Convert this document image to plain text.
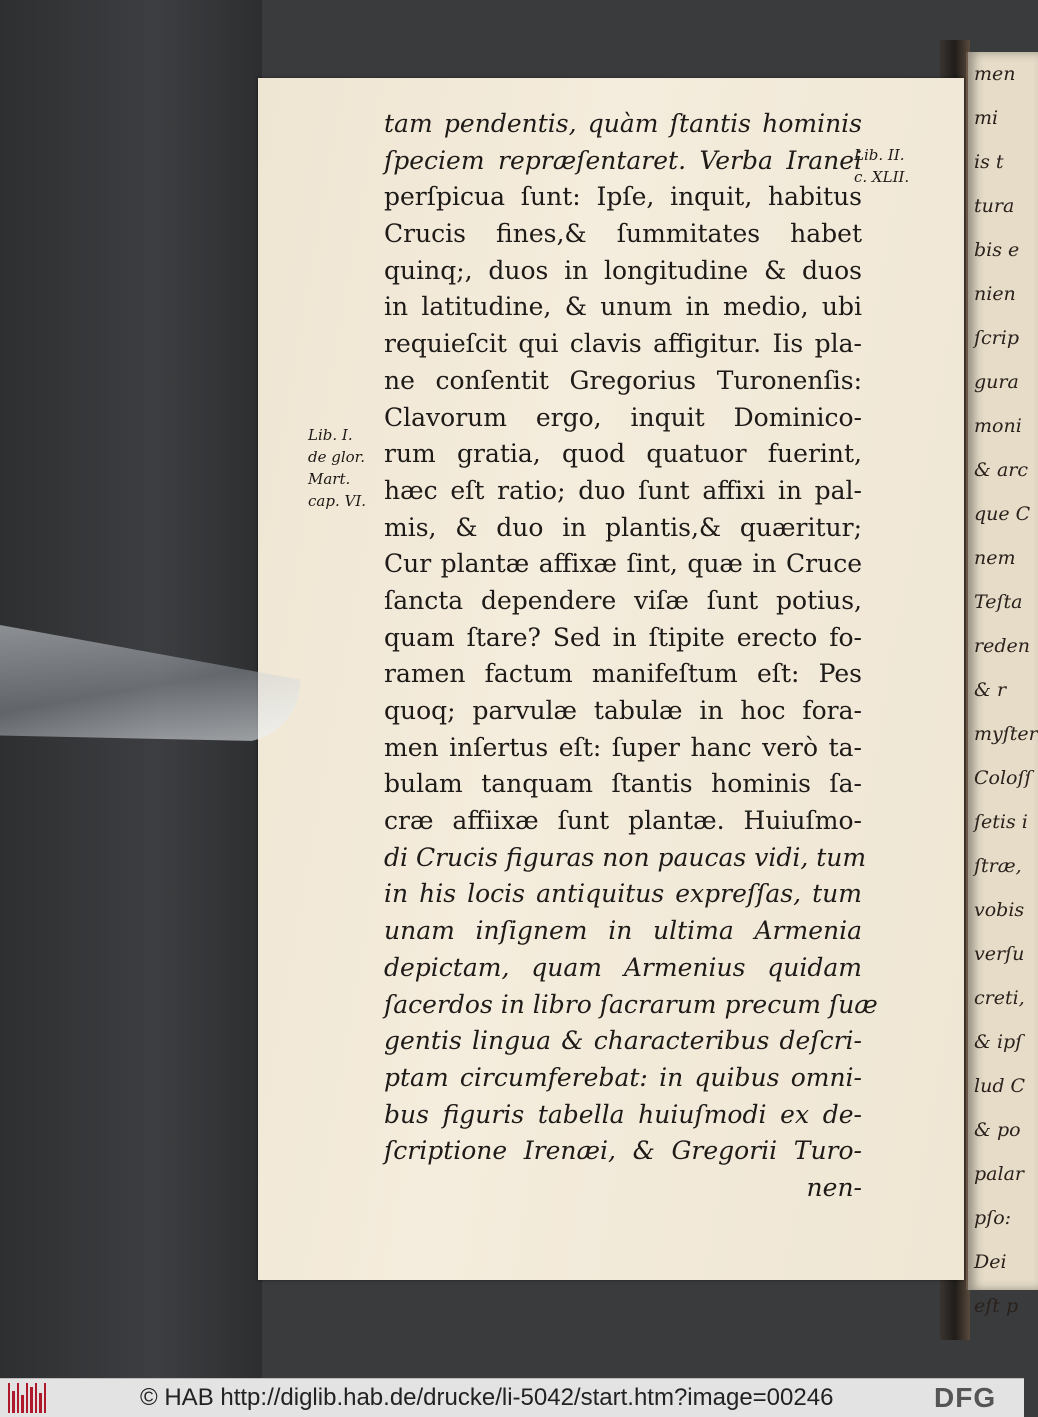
men
mi
is t
tura
bis e
nien
ſcrip
gura
moni
& arc
que C
nem
Teſta
reden
& r
myſter
Coloſſ
ſetis i
ſtræ,
vobis
verſu
creti,
& ipſ
lud C
& po
palar
pſo:
Dei
eſt p
Lib. II.
c. XLII.
Lib. I.
de glor.
Mart.
cap. VI.
tam pendentis, quàm ſtantis hominis
ſpeciem repræſentaret. Verba Iranei
perſpicua ſunt: Ipſe, inquit, habitus
Crucis fines,& ſummitates habet
quinq;, duos in longitudine & duos
in latitudine, & unum in medio, ubi
requieſcit qui clavis affigitur. Iis pla-
ne conſentit Gregorius Turonenſis:
Clavorum ergo, inquit Dominico-
rum gratia, quod quatuor fuerint,
hæc eſt ratio; duo ſunt affixi in pal-
mis, & duo in plantis,& quæritur;
Cur plantæ affixæ ſint, quæ in Cruce
ſancta dependere viſæ ſunt potius,
quam ſtare? Sed in ſtipite erecto fo-
ramen factum manifeſtum eſt: Pes
quoq; parvulæ tabulæ in hoc fora-
men inſertus eſt: ſuper hanc verò ta-
bulam tanquam ſtantis hominis ſa-
cræ affiixæ ſunt plantæ. Huiuſmo-
di Crucis figuras non paucas vidi, tum
in his locis antiquitus expreſſas, tum
unam inſignem in ultima Armenia
depictam, quam Armenius quidam
ſacerdos in libro ſacrarum precum ſuæ
gentis lingua & characteribus deſcri-
ptam circumferebat: in quibus omni-
bus figuris tabella huiuſmodi ex de-
ſcriptione Irenæi, & Gregorii Turo-
nen-
© HAB http://diglib.hab.de/drucke/li-5042/start.htm?image=00246	DFG
